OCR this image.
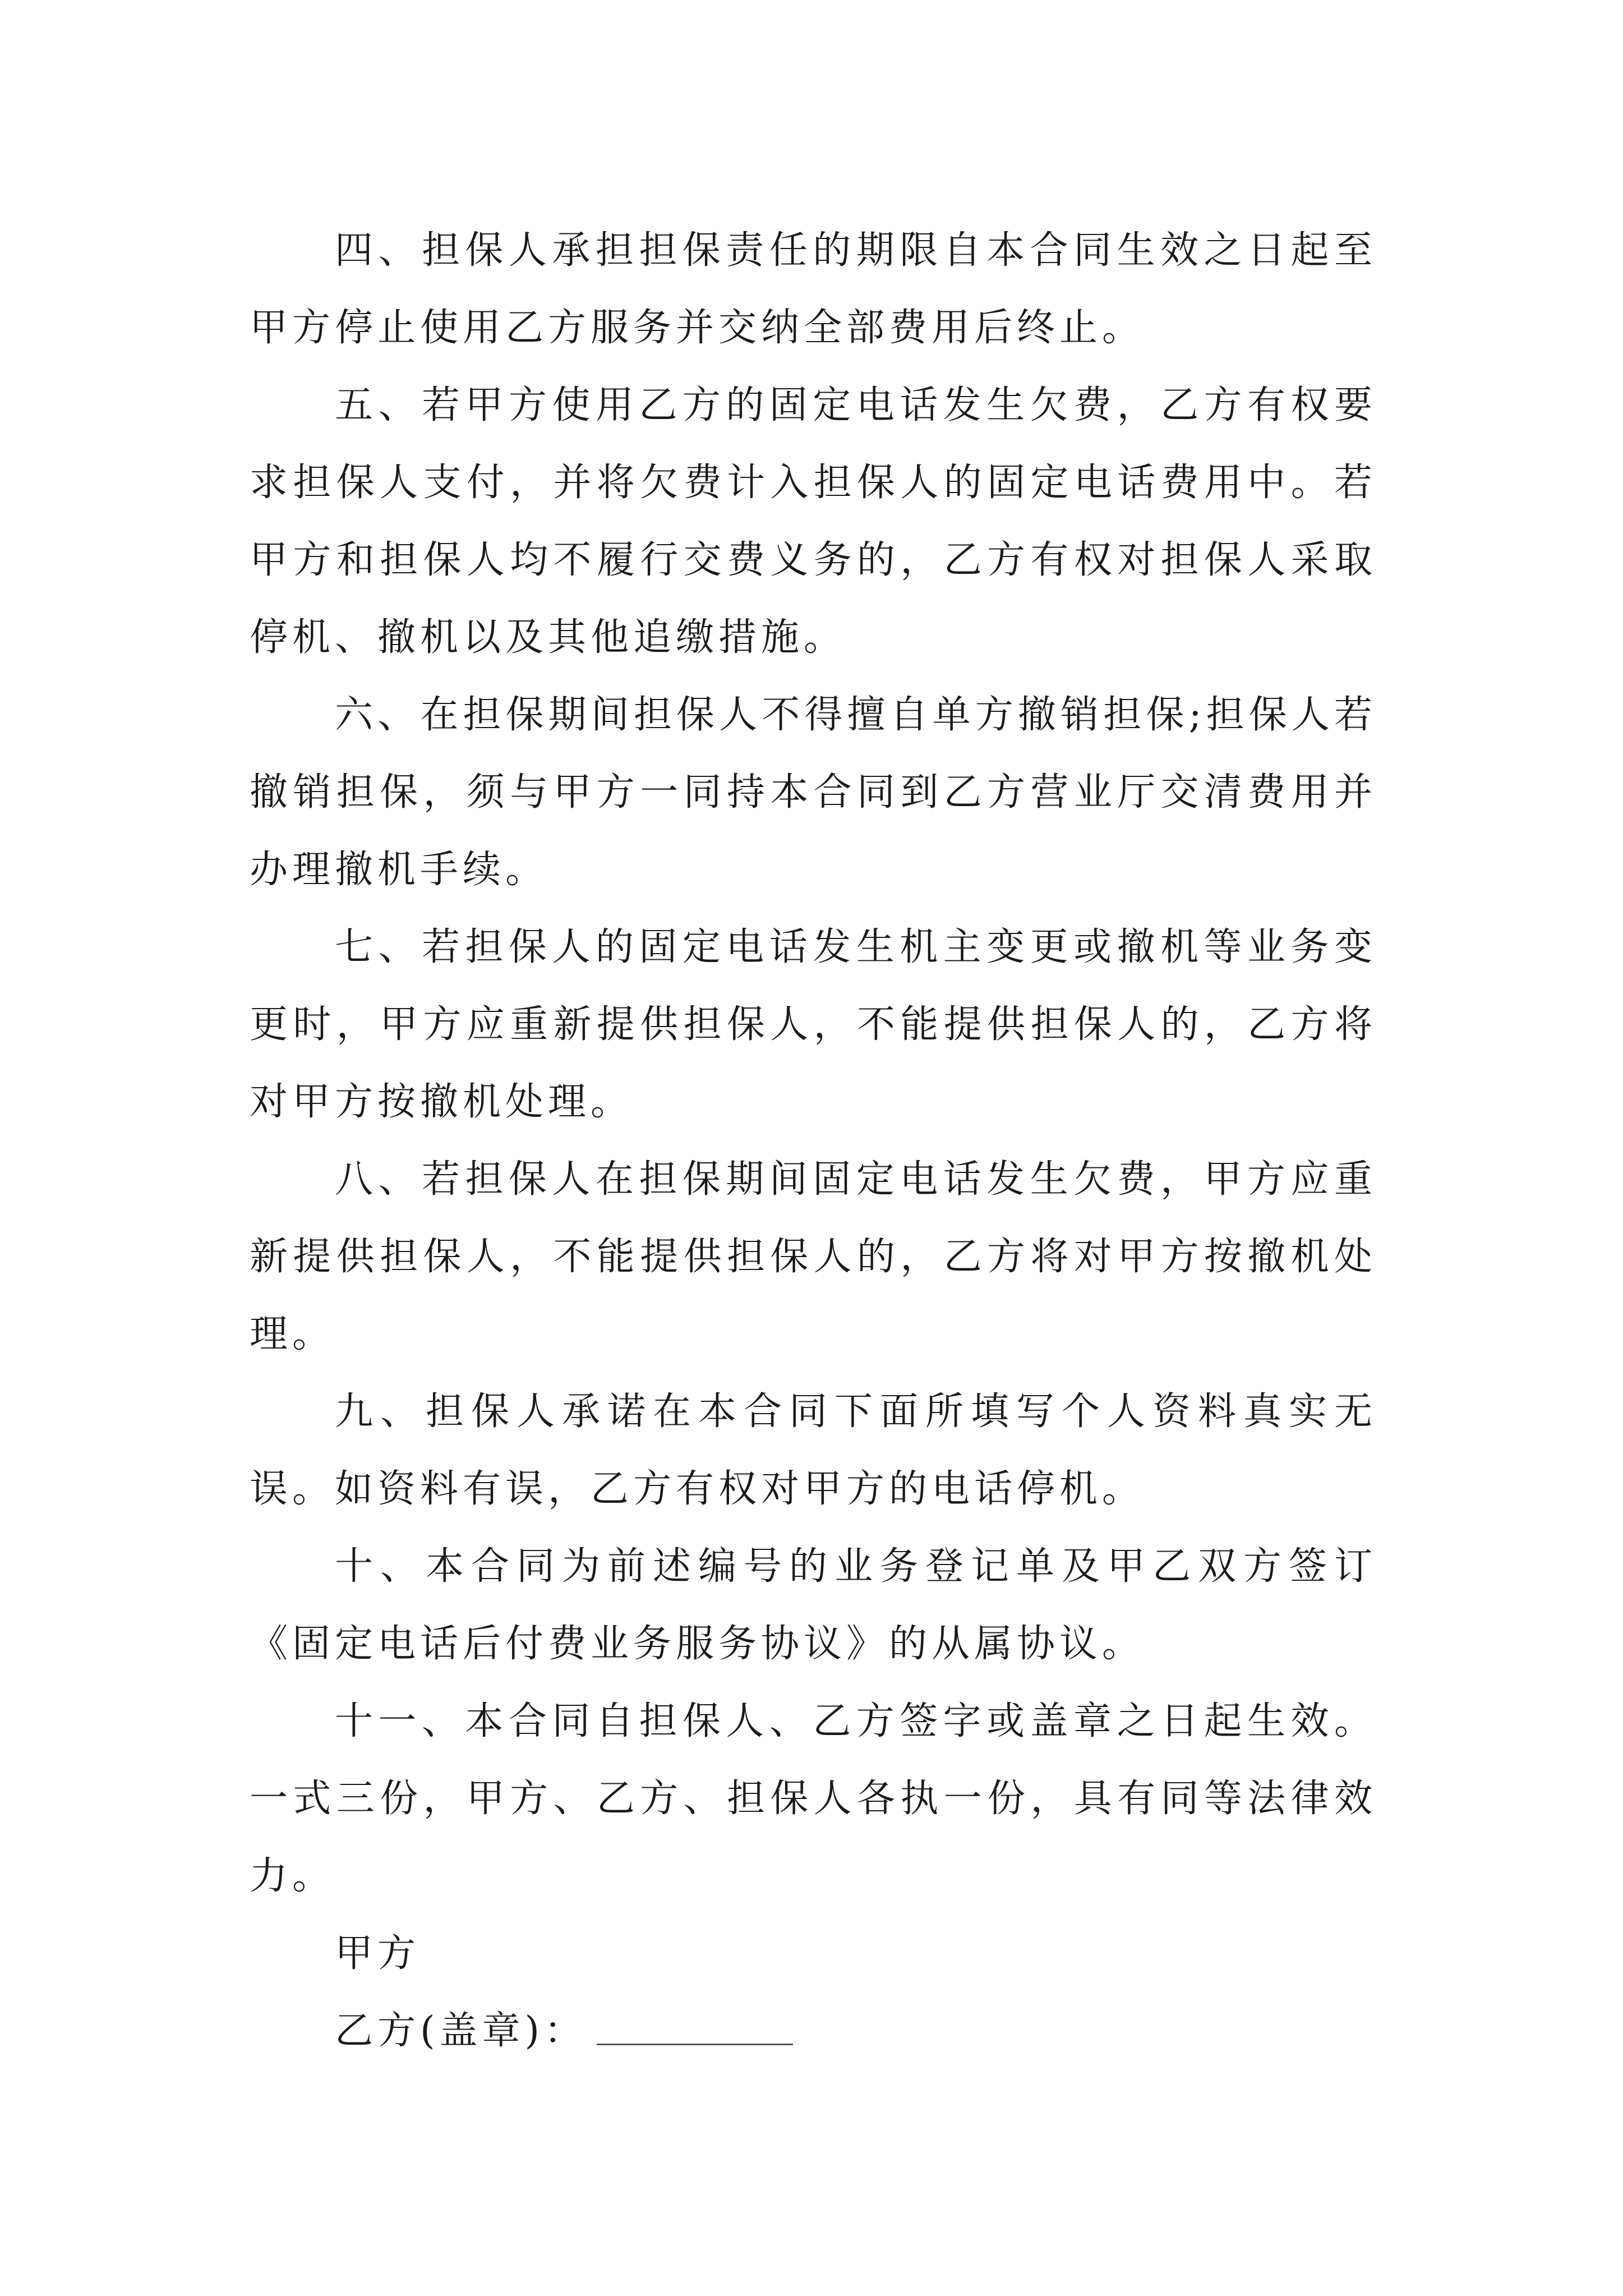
四、担保人承担担保责任的期限自本合同生效之日起至甲方停止使用乙方服务并交纳全部费用后终止。

五、若甲方使用乙方的固定电话发生欠费，乙方有权要求担保人支付，并将欠费计入担保人的固定电话费用中。若甲方和担保人均不履行交费义务的，乙方有权对担保人采取停机、撤机以及其他追缴措施。

六、在担保期间担保人不得擅自单方撤销担保;担保人若撤销担保，须与甲方一同持本合同到乙方营业厅交清费用并办理撤机手续。

七、若担保人的固定电话发生机主变更或撤机等业务变更时，甲方应重新提供担保人，不能提供担保人的，乙方将对甲方按撤机处理。

八、若担保人在担保期间固定电话发生欠费，甲方应重新提供担保人，不能提供担保人的，乙方将对甲方按撤机处理。

九、担保人承诺在本合同下面所填写个人资料真实无误。如资料有误，乙方有权对甲方的电话停机。

十、本合同为前述编号的业务登记单及甲乙双方签订《固定电话后付费业务服务协议》的从属协议。

十一、本合同自担保人、乙方签字或盖章之日起生效。一式三份，甲方、乙方、担保人各执一份，具有同等法律效力。

甲方

乙方(盖章)：
